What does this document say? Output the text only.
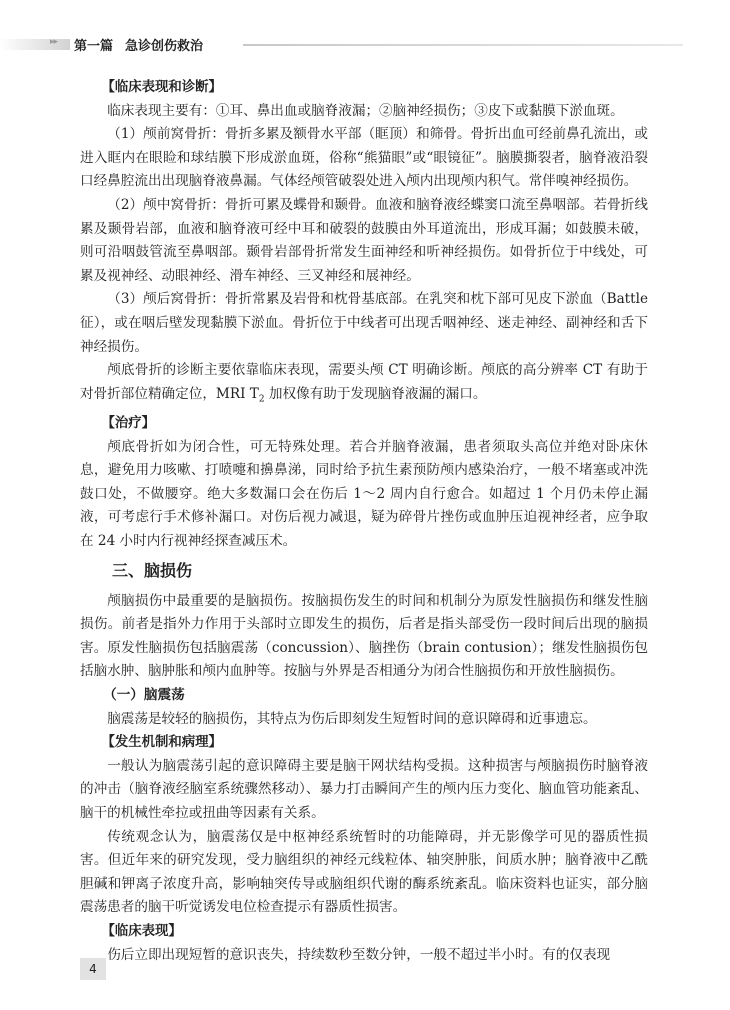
▸▸ 第一篇 急诊创伤救治

【临床表现和诊断】

临床表现主要有：①耳、鼻出血或脑脊液漏；②脑神经损伤；③皮下或黏膜下淤血斑。

（1）颅前窝骨折：骨折多累及额骨水平部（眶顶）和筛骨。骨折出血可经前鼻孔流出，或进入眶内在眼睑和球结膜下形成淤血斑，俗称“熊猫眼”或“眼镜征”。脑膜撕裂者，脑脊液沿裂口经鼻腔流出出现脑脊液鼻漏。气体经颅管破裂处进入颅内出现颅内积气。常伴嗅神经损伤。

（2）颅中窝骨折：骨折可累及蝶骨和颞骨。血液和脑脊液经蝶窦口流至鼻咽部。若骨折线累及颞骨岩部，血液和脑脊液可经中耳和破裂的鼓膜由外耳道流出，形成耳漏；如鼓膜未破，则可沿咽鼓管流至鼻咽部。颞骨岩部骨折常发生面神经和听神经损伤。如骨折位于中线处，可累及视神经、动眼神经、滑车神经、三叉神经和展神经。

（3）颅后窝骨折：骨折常累及岩骨和枕骨基底部。在乳突和枕下部可见皮下淤血（Battle 征），或在咽后壁发现黏膜下淤血。骨折位于中线者可出现舌咽神经、迷走神经、副神经和舌下神经损伤。

颅底骨折的诊断主要依靠临床表现，需要头颅 CT 明确诊断。颅底的高分辨率 CT 有助于对骨折部位精确定位，MRI $T_2$ 加权像有助于发现脑脊液漏的漏口。

【治疗】

颅底骨折如为闭合性，可无特殊处理。若合并脑脊液漏，患者须取头高位并绝对卧床休息，避免用力咳嗽、打喷嚏和擤鼻涕，同时给予抗生素预防颅内感染治疗，一般不堵塞或冲洗鼓口处，不做腰穿。绝大多数漏口会在伤后 1～2 周内自行愈合。如超过 1 个月仍未停止漏液，可考虑行手术修补漏口。对伤后视力减退，疑为碎骨片挫伤或血肿压迫视神经者，应争取在 24 小时内行视神经探查减压术。

三、脑损伤

颅脑损伤中最重要的是脑损伤。按脑损伤发生的时间和机制分为原发性脑损伤和继发性脑损伤。前者是指外力作用于头部时立即发生的损伤，后者是指头部受伤一段时间后出现的脑损害。原发性脑损伤包括脑震荡（concussion）、脑挫伤（brain contusion）；继发性脑损伤包括脑水肿、脑肿胀和颅内血肿等。按脑与外界是否相通分为闭合性脑损伤和开放性脑损伤。

（一）脑震荡

脑震荡是较轻的脑损伤，其特点为伤后即刻发生短暂时间的意识障碍和近事遗忘。

【发生机制和病理】

一般认为脑震荡引起的意识障碍主要是脑干网状结构受损。这种损害与颅脑损伤时脑脊液的冲击（脑脊液经脑室系统骤然移动）、暴力打击瞬间产生的颅内压力变化、脑血管功能紊乱、脑干的机械性牵拉或扭曲等因素有关系。

传统观念认为，脑震荡仅是中枢神经系统暂时的功能障碍，并无影像学可见的器质性损害。但近年来的研究发现，受力脑组织的神经元线粒体、轴突肿胀，间质水肿；脑脊液中乙酰胆碱和钾离子浓度升高，影响轴突传导或脑组织代谢的酶系统紊乱。临床资料也证实，部分脑震荡患者的脑干听觉诱发电位检查提示有器质性损害。

【临床表现】

伤后立即出现短暂的意识丧失，持续数秒至数分钟，一般不超过半小时。有的仅表现

4
